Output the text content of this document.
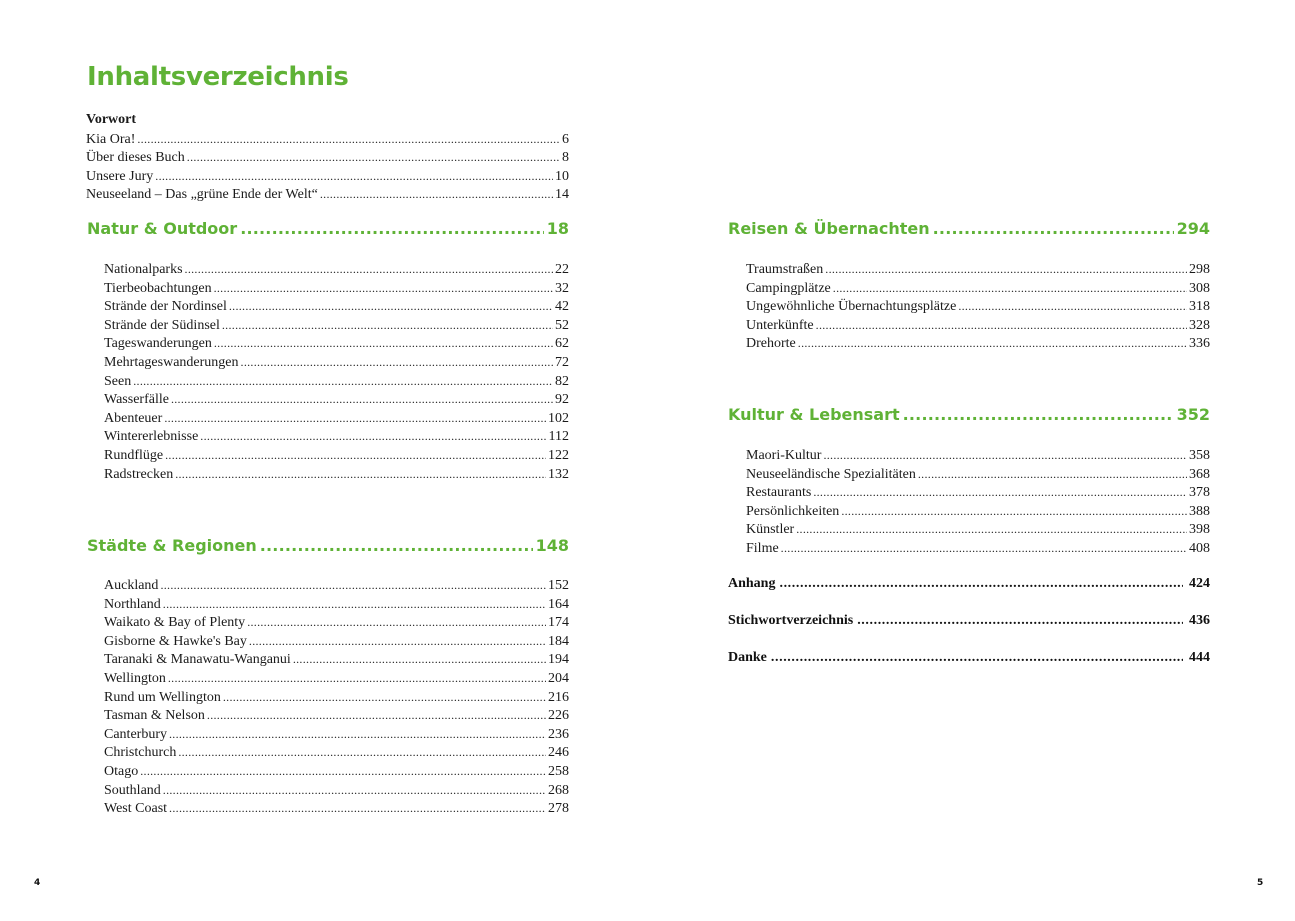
Inhaltsverzeichnis
Vorwort
Kia Ora! .....	6
Über dieses Buch .....	8
Unsere Jury .....	10
Neuseeland – Das „grüne Ende der Welt“ .....	14
Natur & Outdoor .....	18
Nationalparks .....	22
Tierbeobachtungen .....	32
Strände der Nordinsel .....	42
Strände der Südinsel .....	52
Tageswanderungen .....	62
Mehrtageswanderungen .....	72
Seen .....	82
Wasserfälle .....	92
Abenteuer .....	102
Wintererlebnisse .....	112
Rundflüge .....	122
Radstrecken .....	132
Städte & Regionen .....	148
Auckland .....	152
Northland .....	164
Waikato & Bay of Plenty .....	174
Gisborne & Hawke's Bay .....	184
Taranaki & Manawatu-Wanganui .....	194
Wellington .....	204
Rund um Wellington .....	216
Tasman & Nelson .....	226
Canterbury .....	236
Christchurch .....	246
Otago .....	258
Southland .....	268
West Coast .....	278
Reisen & Übernachten .....	294
Traumstraßen .....	298
Campingplätze .....	308
Ungewöhnliche Übernachtungsplätze .....	318
Unterkünfte .....	328
Drehorte .....	336
Kultur & Lebensart .....	352
Maori-Kultur .....	358
Neuseeländische Spezialitäten .....	368
Restaurants .....	378
Persönlichkeiten .....	388
Künstler .....	398
Filme .....	408
Anhang .....	424
Stichwortverzeichnis .....	436
Danke .....	444
4	5
